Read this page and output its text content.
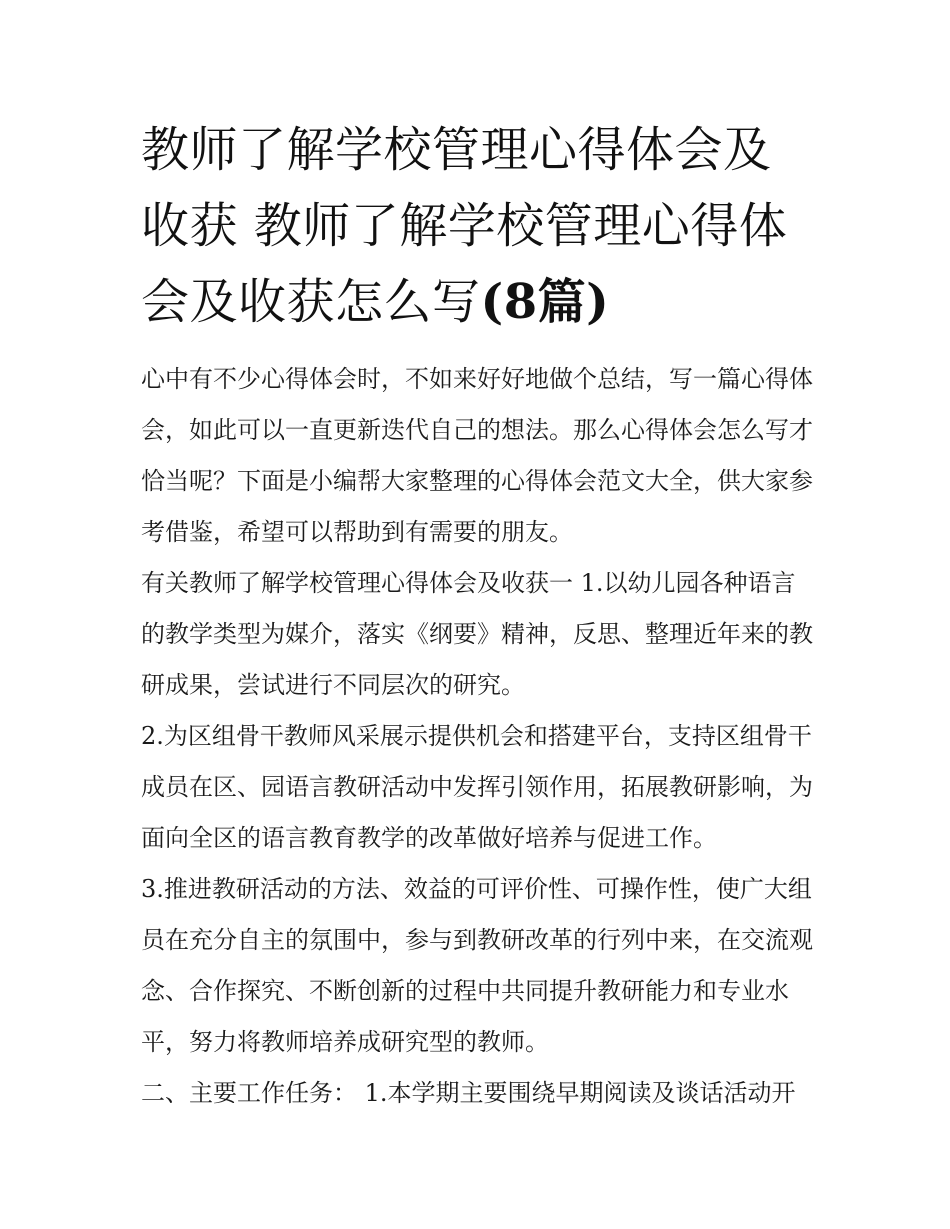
教师了解学校管理心得体会及收获 教师了解学校管理心得体会及收获怎么写(8篇)

心中有不少心得体会时，不如来好好地做个总结，写一篇心得体会，如此可以一直更新迭代自己的想法。那么心得体会怎么写才恰当呢？下面是小编帮大家整理的心得体会范文大全，供大家参考借鉴，希望可以帮助到有需要的朋友。

有关教师了解学校管理心得体会及收获一 1.以幼儿园各种语言的教学类型为媒介，落实《纲要》精神，反思、整理近年来的教研成果，尝试进行不同层次的研究。

2.为区组骨干教师风采展示提供机会和搭建平台，支持区组骨干成员在区、园语言教研活动中发挥引领作用，拓展教研影响，为面向全区的语言教育教学的改革做好培养与促进工作。

3.推进教研活动的方法、效益的可评价性、可操作性，使广大组员在充分自主的氛围中，参与到教研改革的行列中来，在交流观念、合作探究、不断创新的过程中共同提升教研能力和专业水平，努力将教师培养成研究型的教师。

二、主要工作任务： 1.本学期主要围绕早期阅读及谈话活动开
